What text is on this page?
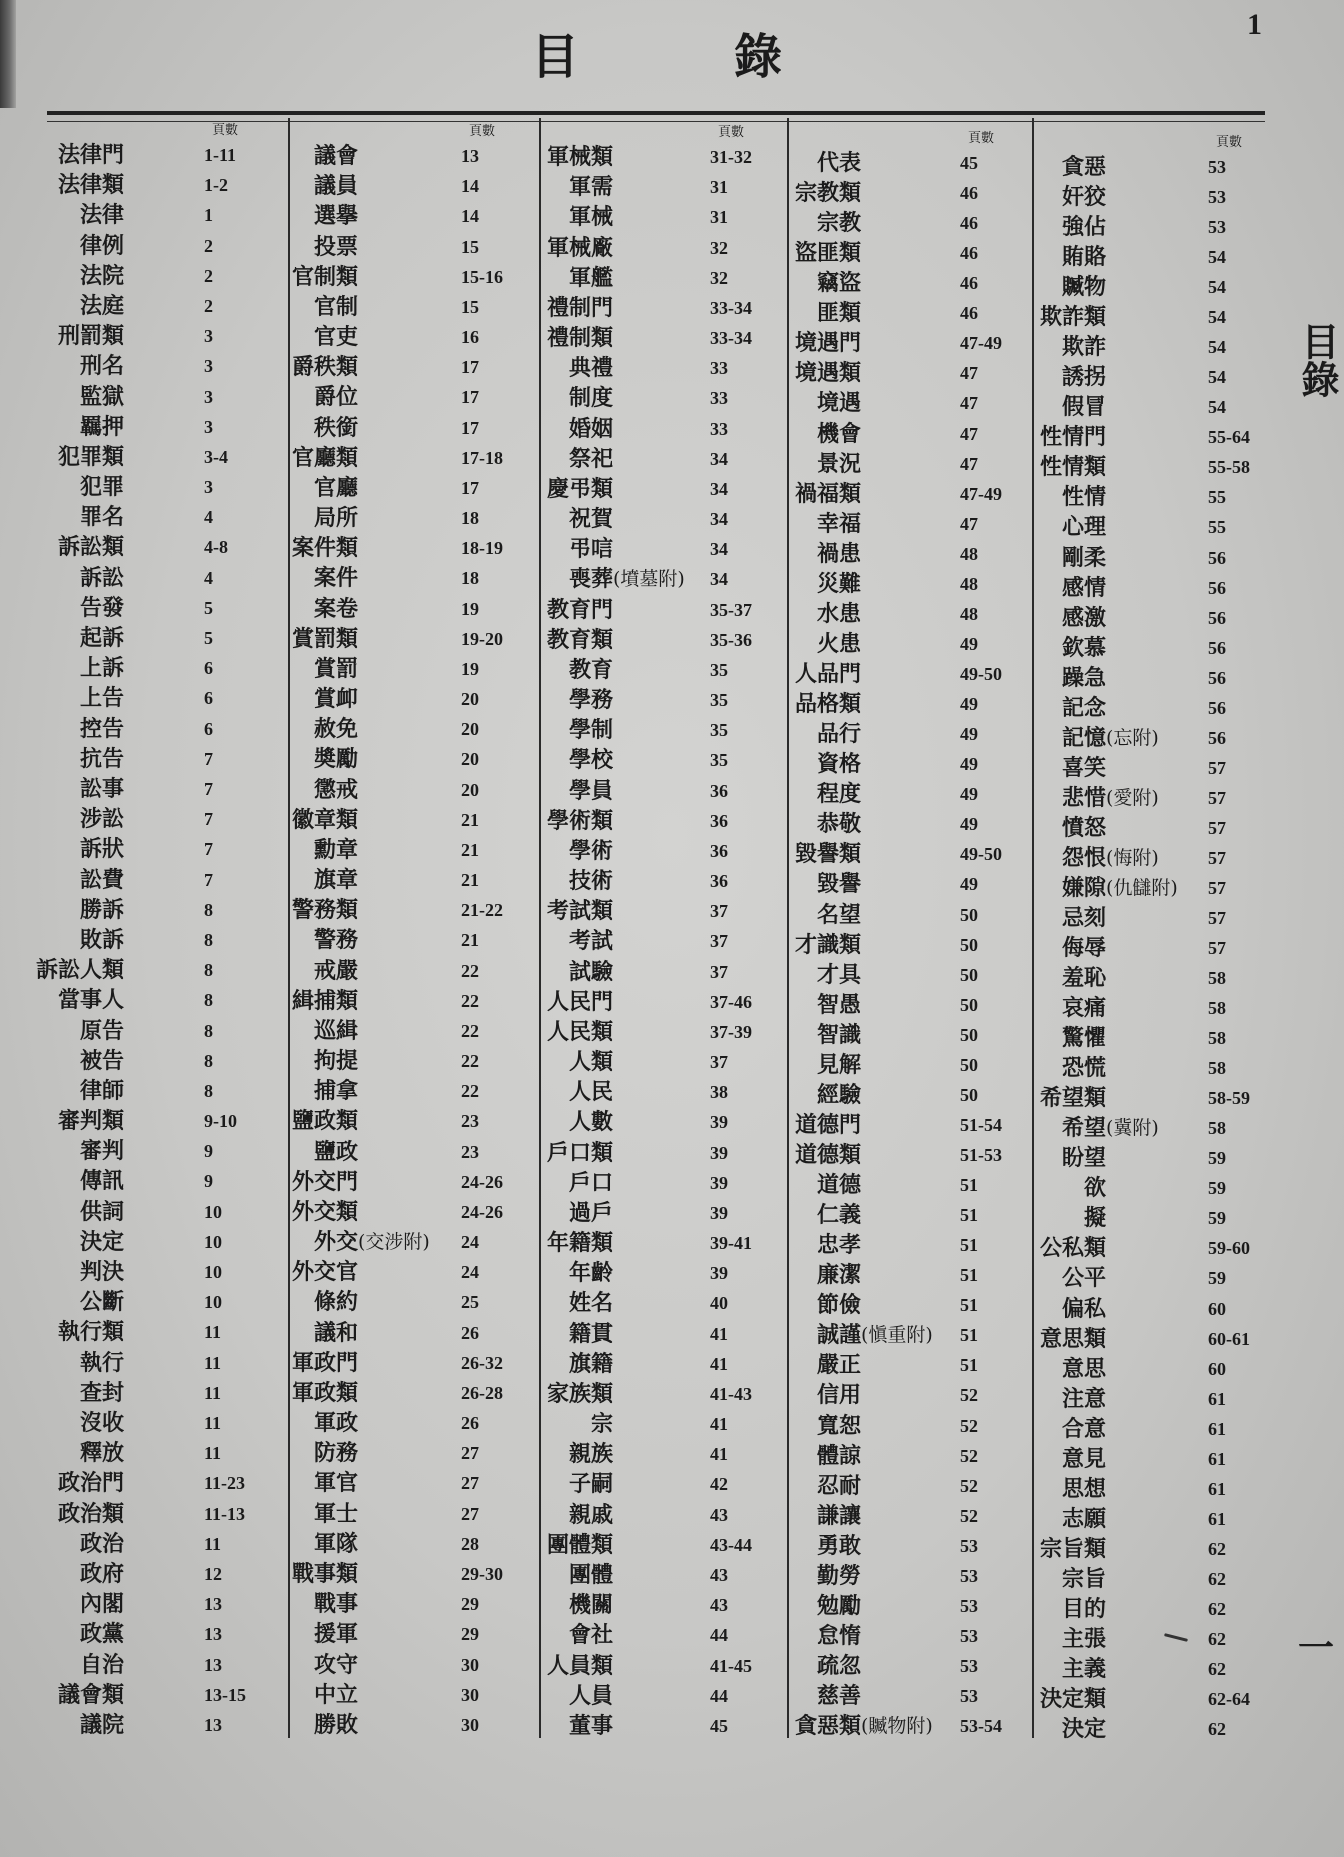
目錄
1
頁數
法律門	1-11
法律類	1-2
法律	1
律例	2
法院	2
法庭	2
刑罰類	3
刑名	3
監獄	3
羈押	3
犯罪類	3-4
犯罪	3
罪名	4
訴訟類	4-8
訴訟	4
告發	5
起訴	5
上訴	6
上告	6
控告	6
抗告	7
訟事	7
涉訟	7
訴狀	7
訟費	7
勝訴	8
敗訴	8
訴訟人類	8
當事人	8
原告	8
被告	8
律師	8
審判類	9-10
審判	9
傳訊	9
供詞	10
決定	10
判決	10
公斷	10
執行類	11
執行	11
查封	11
沒收	11
釋放	11
政治門	11-23
政治類	11-13
政治	11
政府	12
內閣	13
政黨	13
自治	13
議會類	13-15
議院	13
頁數
議會	13
議員	14
選擧	14
投票	15
官制類	15-16
官制	15
官吏	16
爵秩類	17
爵位	17
秩銜	17
官廳類	17-18
官廳	17
局所	18
案件類	18-19
案件	18
案卷	19
賞罰類	19-20
賞罰	19
賞卹	20
赦免	20
奬勵	20
懲戒	20
徽章類	21
勳章	21
旗章	21
警務類	21-22
警務	21
戒嚴	22
緝捕類	22
巡緝	22
拘提	22
捕拿	22
鹽政類	23
鹽政	23
外交門	24-26
外交類	24-26
外交 (交涉附) 24
外交官	24
條約	25
議和	26
軍政門	26-32
軍政類	26-28
軍政	26
防務	27
軍官	27
軍士	27
軍隊	28
戰事類	29-30
戰事	29
援軍	29
攻守	30
中立	30
勝敗	30
頁數
軍械類	31-32
軍需	31
軍械	31
軍械廠	32
軍艦	32
禮制門	33-34
禮制類	33-34
典禮	33
制度	33
婚姻	33
祭祀	34
慶弔類	34
祝賀	34
弔唁	34
喪葬 (墳墓附) 34
教育門	35-37
教育類	35-36
教育	35
學務	35
學制	35
學校	35
學員	36
學術類	36
學術	36
技術	36
考試類	37
考試	37
試驗	37
人民門	37-46
人民類	37-39
人類	37
人民	38
人數	39
戶口類	39
戶口	39
過戶	39
年籍類	39-41
年齡	39
姓名	40
籍貫	41
旗籍	41
家族類	41-43
宗	41
親族	41
子嗣	42
親戚	43
團體類	43-44
團體	43
機關	43
會社	44
人員類	41-45
人員	44
董事	45
頁數
代表	45
宗教類	46
宗教	46
盜匪類	46
竊盜	46
匪類	46
境遇門	47-49
境遇類	47
境遇	47
機會	47
景況	47
禍福類	47-49
幸福	47
禍患	48
災難	48
水患	48
火患	49
人品門	49-50
品格類	49
品行	49
資格	49
程度	49
恭敬	49
毀譽類	49-50
毀譽	49
名望	50
才識類	50
才具	50
智愚	50
智識	50
見解	50
經驗	50
道德門	51-54
道德類	51-53
道德	51
仁義	51
忠孝	51
廉潔	51
節儉	51
誠謹 (愼重附) 51
嚴正	51
信用	52
寬恕	52
體諒	52
忍耐	52
謙讓	52
勇敢	53
勤勞	53
勉勵	53
怠惰	53
疏忽	53
慈善	53
貪惡類 (贓物附) 53-54
頁數
貪惡	53
奸狡	53
強佔	53
賄賂	54
贓物	54
欺詐類	54
欺詐	54
誘拐	54
假冒	54
性情門	55-64
性情類	55-58
性情	55
心理	55
剛柔	56
感情	56
感激	56
欽慕	56
躁急	56
記念	56
記憶 (忘附)	56
喜笑	57
悲惜 (愛附)	57
憤怒	57
怨恨 (悔附)	57
嫌隙 (仇讎附) 57
忌刻	57
侮辱	57
羞恥	58
哀痛	58
驚懼	58
恐慌	58
希望類	58-59
希望 (冀附)	58
盼望	59
欲	59
擬	59
公私類	59-60
公平	59
偏私	60
意思類	60-61
意思	60
注意	61
合意	61
意見	61
思想	61
志願	61
宗旨類	62
宗旨	62
目的	62
主張	62
主義	62
決定類	62-64
決定	62
目錄
一
